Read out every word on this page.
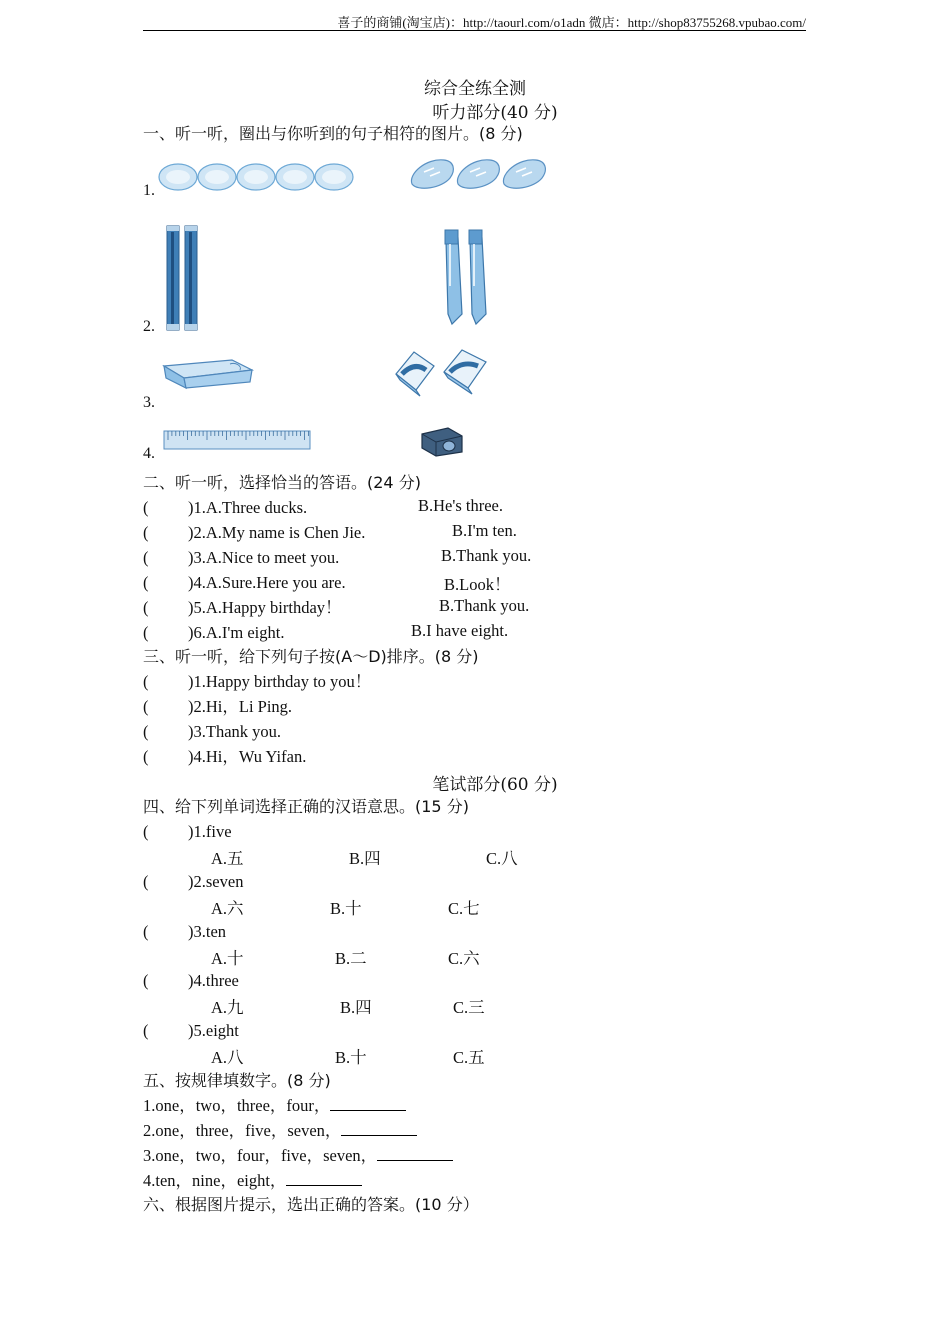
喜子的商铺(淘宝店)：http://taourl.com/o1adn 微店：http://shop83755268.vpubao.com/
综合全练全测
听力部分(40 分)
一、听一听，圈出与你听到的句子相符的图片。(8 分)
1.
2.
3.
4.
二、听一听，选择恰当的答语。(24 分)
( )1.A.Three ducks.	B.He's three.
( )2.A.My name is Chen Jie.	B.I'm ten.
( )3.A.Nice to meet you.	B.Thank you.
( )4.A.Sure.Here you are.	B.Look！
( )5.A.Happy birthday！	B.Thank you.
( )6.A.I'm eight.	B.I have eight.
三、听一听，给下列句子按(A～D)排序。(8 分)
( )1.Happy birthday to you！
( )2.Hi，Li Ping.
( )3.Thank you.
( )4.Hi，Wu Yifan.
笔试部分(60 分)
四、给下列单词选择正确的汉语意思。(15 分)
( )1.five
A.五	B.四	C.八
( )2.seven
A.六	B.十	C.七
( )3.ten
A.十	B.二	C.六
( )4.three
A.九	B.四	C.三
( )5.eight
A.八	B.十	C.五
五、按规律填数字。(8 分)
1.one，two，three，four，
2.one，three，five，seven，
3.one，two，four，five，seven，
4.ten，nine，eight，
六、根据图片提示，选出正确的答案。(10 分）
